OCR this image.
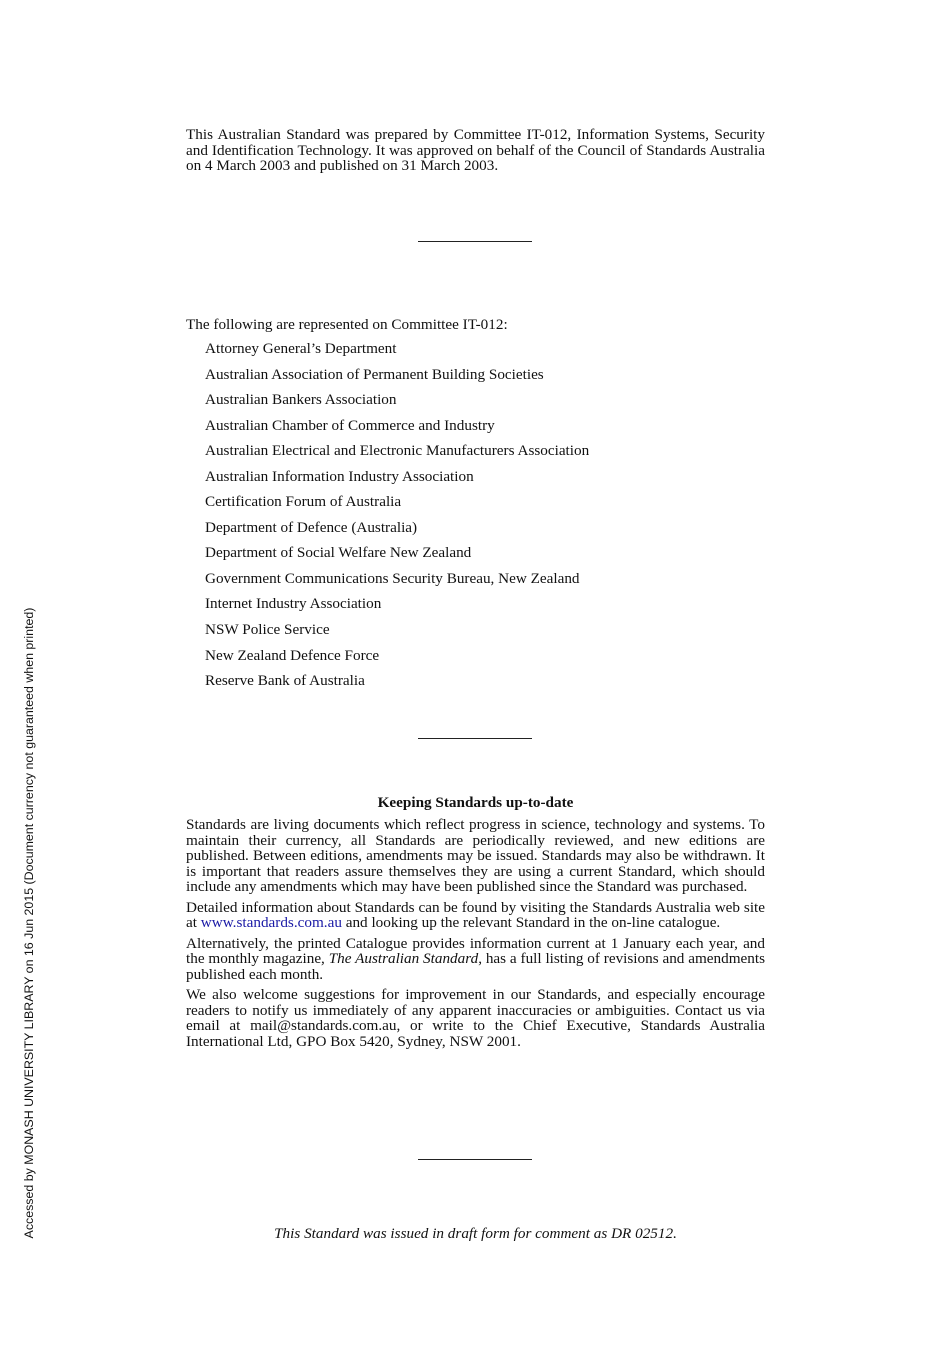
Accessed by MONASH UNIVERSITY LIBRARY on 16 Jun 2015 (Document currency not guaranteed when printed)
This Australian Standard was prepared by Committee IT-012, Information Systems, Security and Identification Technology. It was approved on behalf of the Council of Standards Australia on 4 March 2003 and published on 31 March 2003.
The following are represented on Committee IT-012:
Attorney General’s Department
Australian Association of Permanent Building Societies
Australian Bankers Association
Australian Chamber of Commerce and Industry
Australian Electrical and Electronic Manufacturers Association
Australian Information Industry Association
Certification Forum of Australia
Department of Defence (Australia)
Department of Social Welfare New Zealand
Government Communications Security Bureau, New Zealand
Internet Industry Association
NSW Police Service
New Zealand Defence Force
Reserve Bank of Australia
Keeping Standards up-to-date

Standards are living documents which reflect progress in science, technology and systems. To maintain their currency, all Standards are periodically reviewed, and new editions are published. Between editions, amendments may be issued. Standards may also be withdrawn. It is important that readers assure themselves they are using a current Standard, which should include any amendments which may have been published since the Standard was purchased.

Detailed information about Standards can be found by visiting the Standards Australia web site at www.standards.com.au and looking up the relevant Standard in the on-line catalogue.

Alternatively, the printed Catalogue provides information current at 1 January each year, and the monthly magazine, The Australian Standard, has a full listing of revisions and amendments published each month.

We also welcome suggestions for improvement in our Standards, and especially encourage readers to notify us immediately of any apparent inaccuracies or ambiguities. Contact us via email at mail@standards.com.au, or write to the Chief Executive, Standards Australia International Ltd, GPO Box 5420, Sydney, NSW 2001.

This Standard was issued in draft form for comment as DR 02512.
